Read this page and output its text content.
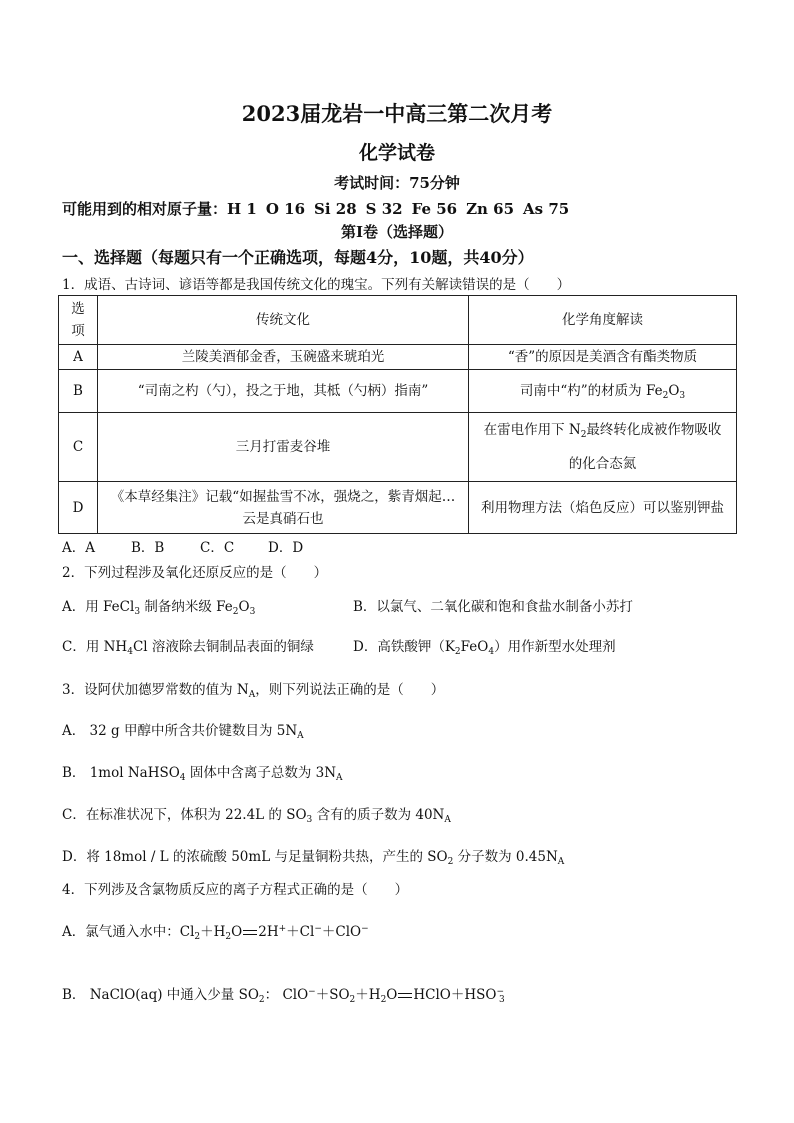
2023届龙岩一中高三第二次月考
化学试卷
考试时间：75分钟
可能用到的相对原子量：H 1 O 16 Si 28 S 32 Fe 56 Zn 65 As 75
第Ⅰ卷（选择题）
一、选择题（每题只有一个正确选项，每题4分，10题，共40分）
1．成语、古诗词、谚语等都是我国传统文化的瑰宝。下列有关解读错误的是（　　）
选
项	传统文化	化学角度解读
A	兰陵美酒郁金香，玉碗盛来琥珀光	“香”的原因是美酒含有酯类物质
B	“司南之杓（勺），投之于地，其柢（勺柄）指南”	司南中“杓”的材质为 $Fe_2O_3$
C	三月打雷麦谷堆	在雷电作用下 $N_2$最终转化成被作物吸收
的化合态氮
D	《本草经集注》记载“如握盐雪不冰，强烧之，紫青烟起…
云是真硝石也	利用物理方法（焰色反应）可以鉴别钾盐
A．A	B．B	C．C	D．D
2．下列过程涉及氧化还原反应的是（　　）
A．用 FeCl$_3$ 制备纳米级 $Fe_2O_3$	B．以氯气、二氧化碳和饱和食盐水制备小苏打
C．用 $NH_4Cl$ 溶液除去铜制品表面的铜绿	D．高铁酸钾$(K_2FeO_4)$用作新型水处理剂
3．设阿伏加德罗常数的值为 $N_A$，则下列说法正确的是（　　）
A． 32 g 甲醇中所含共价键数目为 $5N_A$
B． 1mol NaHSO$_4$ 固体中含离子总数为 $3N_A$
C．在标准状况下，体积为 22.4L 的 $SO_3$ 含有的质子数为 $40N_A$
D．将 18mol / L 的浓硫酸 50mL 与足量铜粉共热，产生的 $SO_2$ 分子数为 $0.45N_A$
4．下列涉及含氯物质反应的离子方程式正确的是（　　）
A．氯气通入水中：$Cl_2+H_2O$ 2H+＋Cl−＋ClO−
B． NaClO(aq) 中通入少量 $SO_2$： $ClO^-+SO_2+H_2O$ $HClO+HSO^-_3$
